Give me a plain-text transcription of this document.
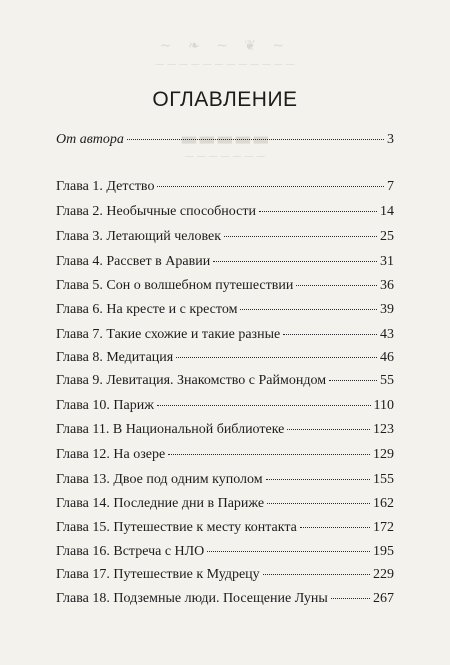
~ ❧ ~ ❦ ~
— — — — — — — — — — — —
▬▬▬▬▬
— — — — — — —
ОГЛАВЛЕНИЕ
От автора	3
Глава 1. Детство	7
Глава 2. Необычные способности	14
Глава 3. Летающий человек	25
Глава 4. Рассвет в Аравии	31
Глава 5. Сон о волшебном путешествии	36
Глава 6. На кресте и с крестом	39
Глава 7. Такие схожие и такие разные	43
Глава 8. Медитация	46
Глава 9. Левитация. Знакомство с Раймондом	55
Глава 10. Париж	110
Глава 11. В Национальной библиотеке	123
Глава 12. На озере	129
Глава 13. Двое под одним куполом	155
Глава 14. Последние дни в Париже	162
Глава 15. Путешествие к месту контакта	172
Глава 16. Встреча с НЛО	195
Глава 17. Путешествие к Мудрецу	229
Глава 18. Подземные люди. Посещение Луны	267
